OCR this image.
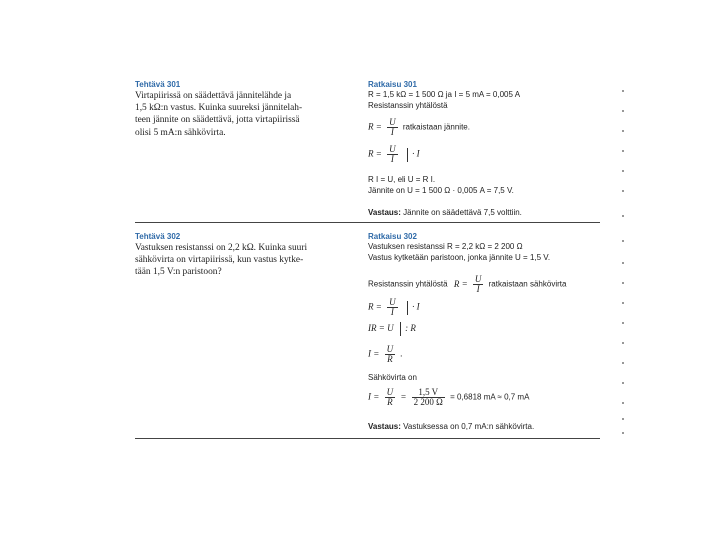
Tehtävä 301
Virtapiirissä on säädettävä jännitelähde ja
1,5 kΩ:n vastus. Kuinka suureksi jännitelah-
teen jännite on säädettävä, jotta virtapiirissä
olisi 5 mA:n sähkövirta.
Ratkaisu 301
R = 1,5 kΩ = 1 500 Ω ja I = 5 mA = 0,005 A
Resistanssin yhtälöstä
$R = \frac{U}{I}$ ratkaistaan jännite.
$R = \frac{U}{I} \cdot I$
R I = U, eli U = R I.
Jännite on U = 1 500 Ω · 0,005 A = 7,5 V.
Vastaus: Jännite on säädettävä 7,5 volttiin.
Tehtävä 302
Vastuksen resistanssi on 2,2 kΩ. Kuinka suuri
sähkövirta on virtapiirissä, kun vastus kytke-
tään 1,5 V:n paristoon?
Ratkaisu 302
Vastuksen resistanssi R = 2,2 kΩ = 2 200 Ω
Vastus kytketään paristoon, jonka jännite U = 1,5 V.
Resistanssin yhtälöstä $R = \frac{U}{I}$ ratkaistaan sähkövirta
$R = \frac{U}{I} \cdot I$
IR = U : R
$I = \frac{U}{R}$ .
Sähkövirta on
$I = \frac{U}{R} = \frac{1,5 V}{2 200 \Omega} = 0,6818$ mA ≈ 0,7 mA
Vastaus: Vastuksessa on 0,7 mA:n sähkövirta.
